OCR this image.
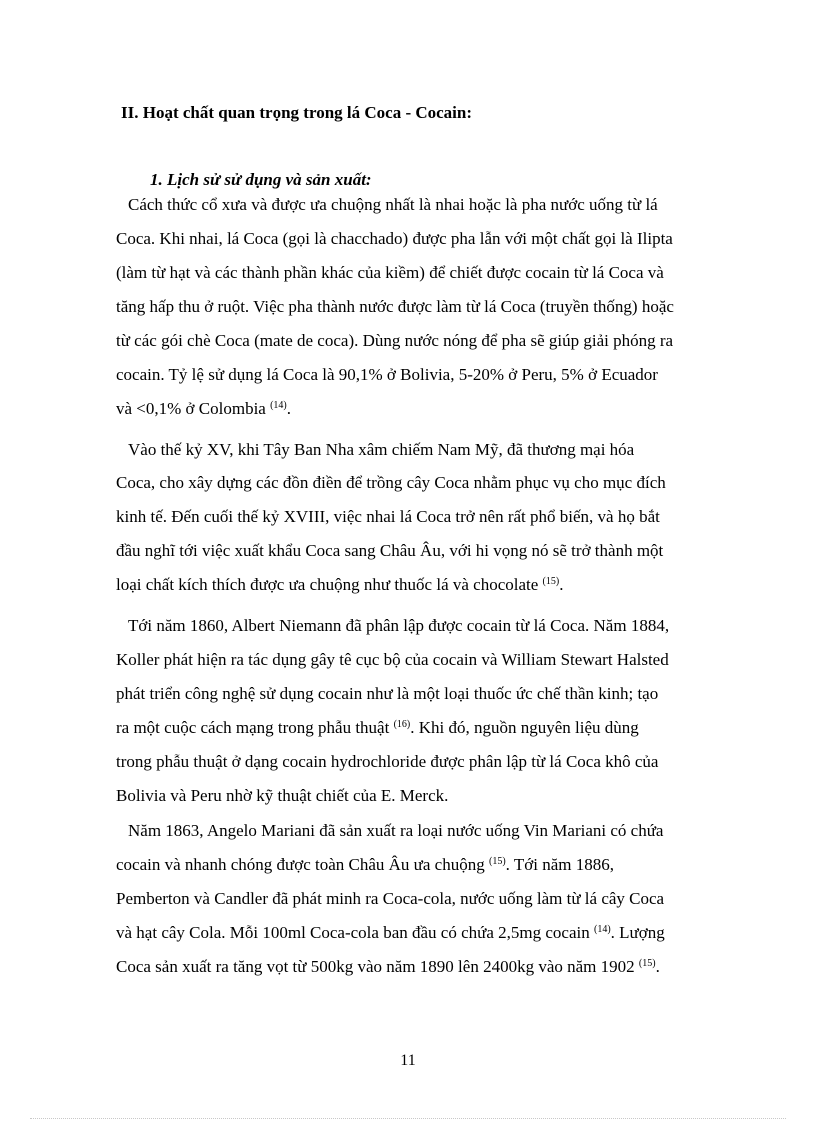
II. Hoạt chất quan trọng trong lá Coca - Cocain:
1. Lịch sử sử dụng và sản xuất:
Cách thức cổ xưa và được ưa chuộng nhất là nhai hoặc là pha nước uống từ lá
Coca. Khi nhai, lá Coca (gọi là chacchado) được pha lẫn với một chất gọi là Ilipta
(làm từ hạt và các thành phần khác của kiềm) để chiết được cocain từ lá Coca và
tăng hấp thu ở ruột. Việc pha thành nước được làm từ lá Coca (truyền thống) hoặc
từ các gói chè Coca (mate de coca). Dùng nước nóng để pha sẽ giúp giải phóng ra
cocain. Tỷ lệ sử dụng lá Coca là 90,1% ở Bolivia, 5-20% ở Peru, 5% ở Ecuador
và <0,1% ở Colombia $^{(14)}$.
Vào thế kỷ XV, khi Tây Ban Nha xâm chiếm Nam Mỹ, đã thương mại hóa
Coca, cho xây dựng các đồn điền để trồng cây Coca nhằm phục vụ cho mục đích
kinh tế. Đến cuối thế kỷ XVIII, việc nhai lá Coca trở nên rất phổ biến, và họ bắt
đầu nghĩ tới việc xuất khẩu Coca sang Châu Âu, với hi vọng nó sẽ trở thành một
loại chất kích thích được ưa chuộng như thuốc lá và chocolate $^{(15)}$.
Tới năm 1860, Albert Niemann đã phân lập được cocain từ lá Coca. Năm 1884,
Koller phát hiện ra tác dụng gây tê cục bộ của cocain và William Stewart Halsted
phát triển công nghệ sử dụng cocain như là một loại thuốc ức chế thần kinh; tạo
ra một cuộc cách mạng trong phẫu thuật $^{(16)}$. Khi đó, nguồn nguyên liệu dùng
trong phẫu thuật ở dạng cocain hydrochloride được phân lập từ lá Coca khô của
Bolivia và Peru nhờ kỹ thuật chiết của E. Merck.
Năm 1863, Angelo Mariani đã sản xuất ra loại nước uống Vin Mariani có chứa
cocain và nhanh chóng được toàn Châu Âu ưa chuộng $^{(15)}$. Tới năm 1886,
Pemberton và Candler đã phát minh ra Coca-cola, nước uống làm từ lá cây Coca
và hạt cây Cola. Mỗi 100ml Coca-cola ban đầu có chứa 2,5mg cocain $^{(14)}$. Lượng
Coca sản xuất ra tăng vọt từ 500kg vào năm 1890 lên 2400kg vào năm 1902 $^{(15)}$.
11
